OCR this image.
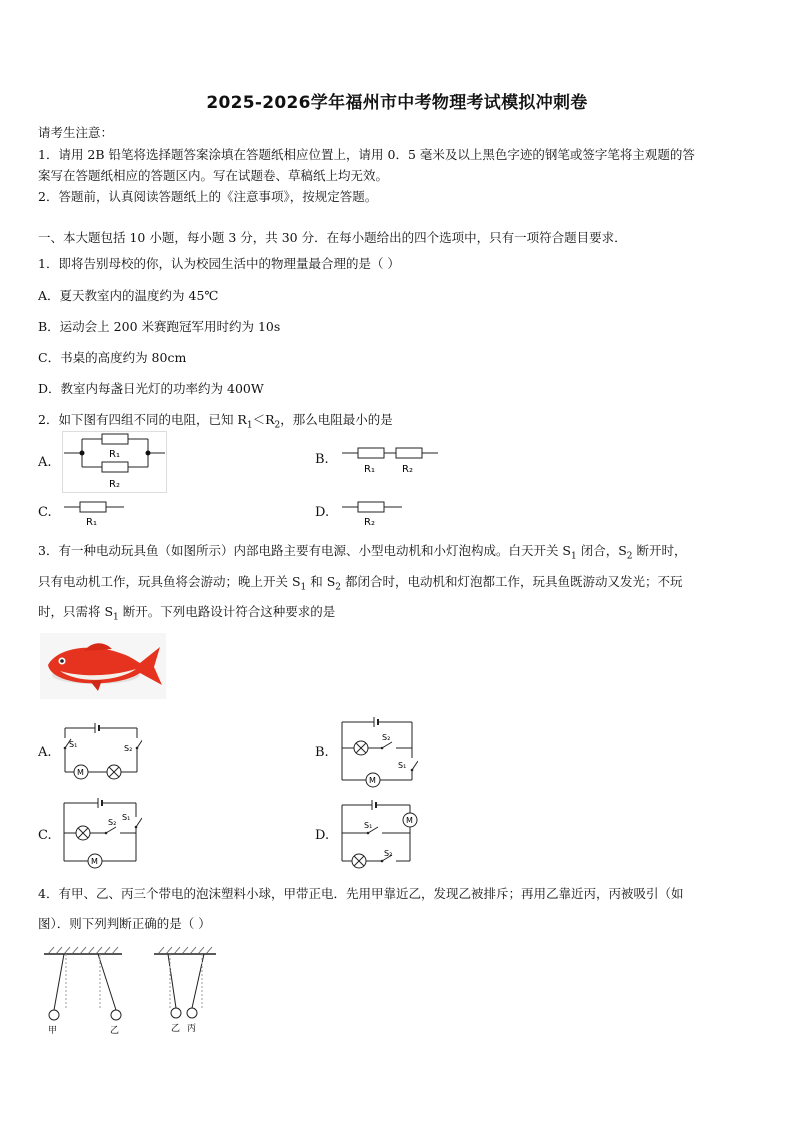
2025-2026学年福州市中考物理考试模拟冲刺卷
请考生注意：
1．请用 2B 铅笔将选择题答案涂填在答题纸相应位置上，请用 0．5 毫米及以上黑色字迹的钢笔或签字笔将主观题的答
案写在答题纸相应的答题区内。写在试题卷、草稿纸上均无效。
2．答题前，认真阅读答题纸上的《注意事项》，按规定答题。
一、本大题包括 10 小题，每小题 3 分，共 30 分．在每小题给出的四个选项中，只有一项符合题目要求．
1．即将告别母校的你，认为校园生活中的物理量最合理的是（ ）
A．夏天教室内的温度约为 45℃
B．运动会上 200 米赛跑冠军用时约为 10s
C．书桌的高度约为 80cm
D．教室内每盏日光灯的功率约为 400W
2．如下图有四组不同的电阻，已知 $R_1<R_2$，那么电阻最小的是
A.
R₁
R₂
B.
R₁	R₂
C.
R₁
D.
R₂
3．有一种电动玩具鱼（如图所示）内部电路主要有电源、小型电动机和小灯泡构成。白天开关 $S_1$ 闭合，$S_2$ 断开时，
只有电动机工作，玩具鱼将会游动；晚上开关 $S_1$ 和 $S_2$ 都闭合时，电动机和灯泡都工作，玩具鱼既游动又发光；不玩
时，只需将 $S_1$ 断开。下列电路设计符合这种要求的是
A.
S₁	S₂
M
B.
S₂
S₁
M
C.
S₂
S₁
M
D.
S₁
S₂
M
4．有甲、乙、丙三个带电的泡沫塑料小球，甲带正电．先用甲靠近乙，发现乙被排斥；再用乙靠近丙，丙被吸引（如
图）．则下列判断正确的是（ ）
甲	乙	乙 丙
